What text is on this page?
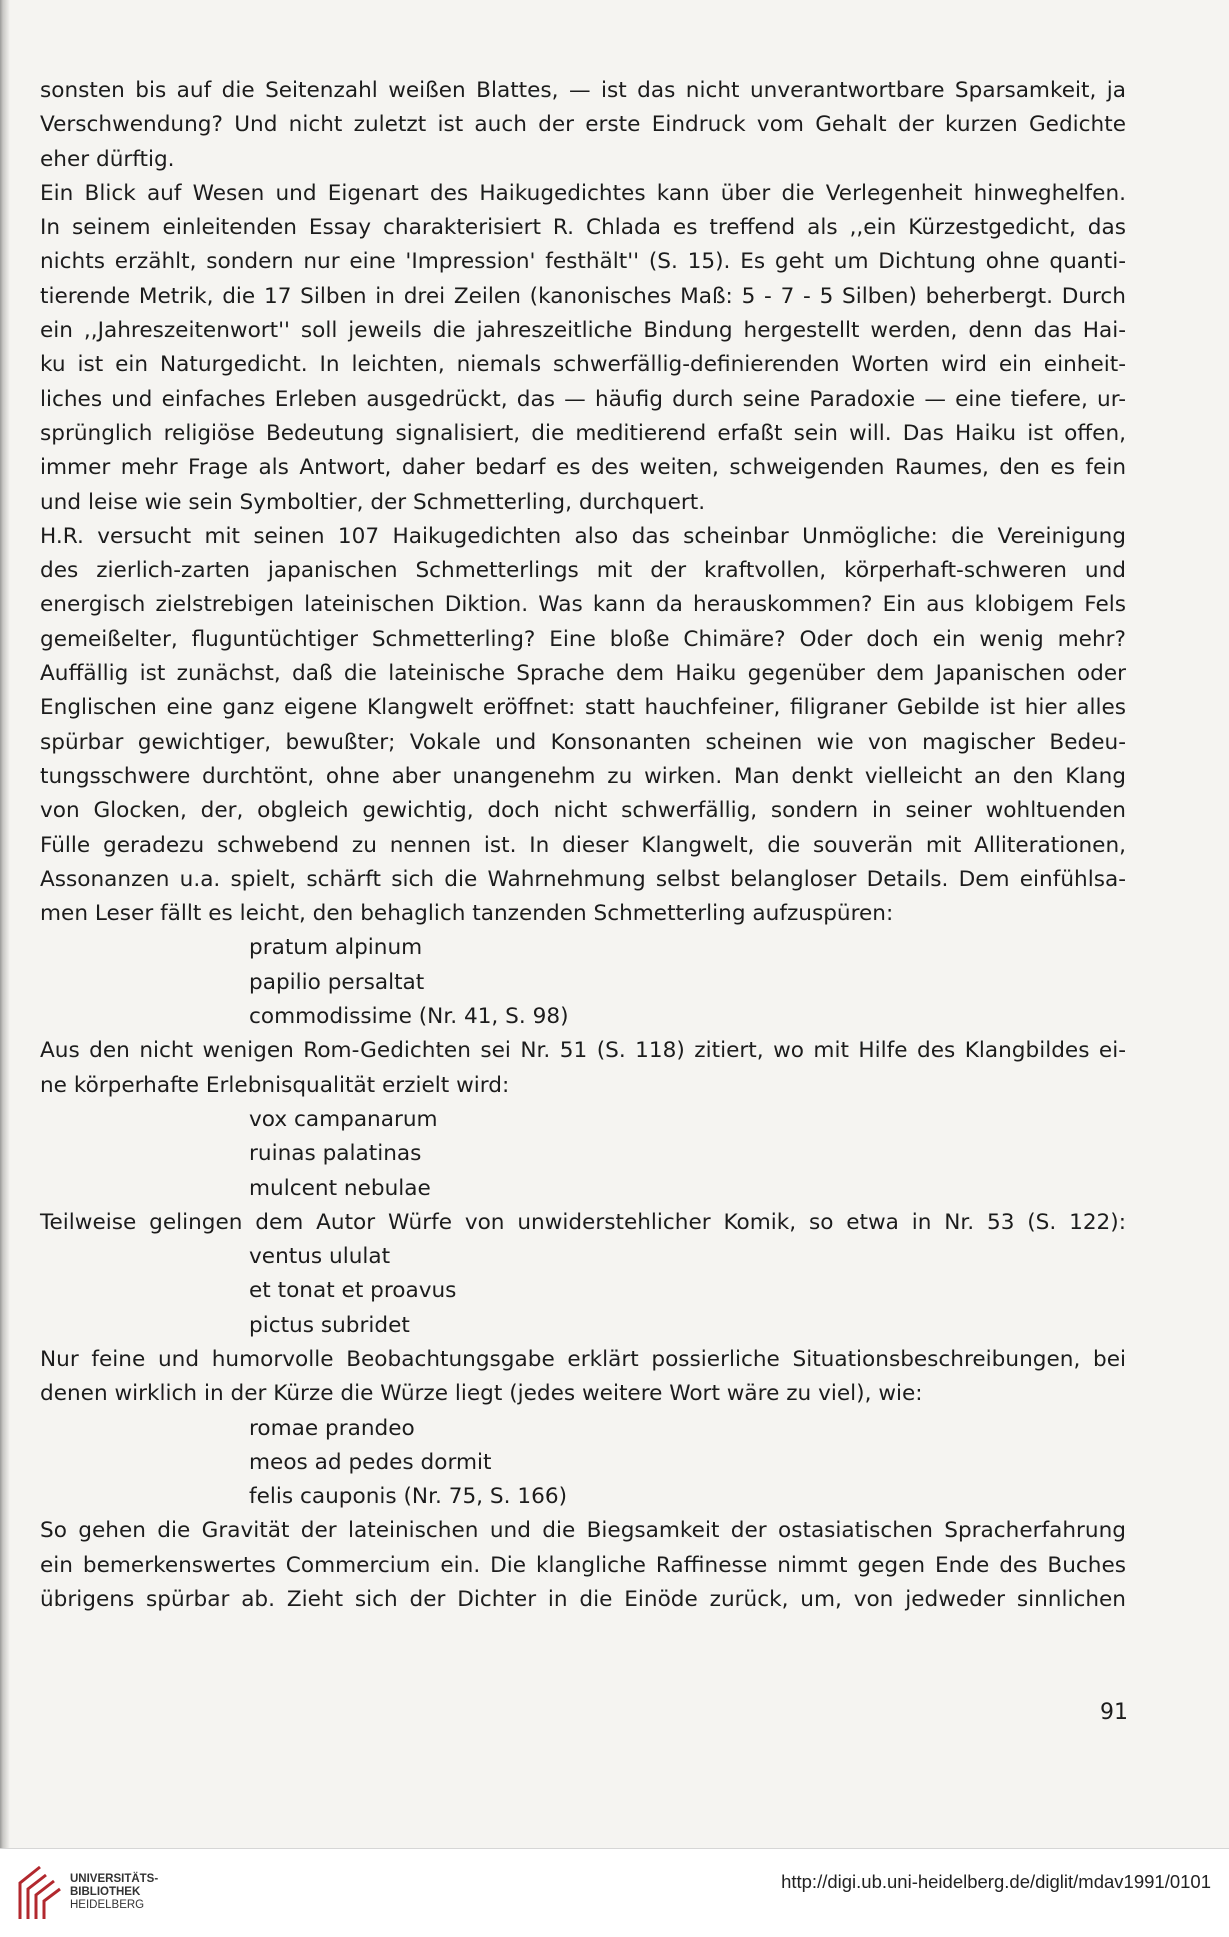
sonsten bis auf die Seitenzahl weißen Blattes, — ist das nicht unverantwortbare Sparsamkeit, ja
Verschwendung? Und nicht zuletzt ist auch der erste Eindruck vom Gehalt der kurzen Gedichte
eher dürftig.
Ein Blick auf Wesen und Eigenart des Haikugedichtes kann über die Verlegenheit hinweghelfen.
In seinem einleitenden Essay charakterisiert R. Chlada es treffend als ,,ein Kürzestgedicht, das
nichts erzählt, sondern nur eine 'Impression' festhält'' (S. 15). Es geht um Dichtung ohne quanti-
tierende Metrik, die 17 Silben in drei Zeilen (kanonisches Maß: 5 - 7 - 5 Silben) beherbergt. Durch
ein ,,Jahreszeitenwort'' soll jeweils die jahreszeitliche Bindung hergestellt werden, denn das Hai-
ku ist ein Naturgedicht. In leichten, niemals schwerfällig-definierenden Worten wird ein einheit-
liches und einfaches Erleben ausgedrückt, das — häufig durch seine Paradoxie — eine tiefere, ur-
sprünglich religiöse Bedeutung signalisiert, die meditierend erfaßt sein will. Das Haiku ist offen,
immer mehr Frage als Antwort, daher bedarf es des weiten, schweigenden Raumes, den es fein
und leise wie sein Symboltier, der Schmetterling, durchquert.
H.R. versucht mit seinen 107 Haikugedichten also das scheinbar Unmögliche: die Vereinigung
des zierlich-zarten japanischen Schmetterlings mit der kraftvollen, körperhaft-schweren und
energisch zielstrebigen lateinischen Diktion. Was kann da herauskommen? Ein aus klobigem Fels
gemeißelter, fluguntüchtiger Schmetterling? Eine bloße Chimäre? Oder doch ein wenig mehr?
Auffällig ist zunächst, daß die lateinische Sprache dem Haiku gegenüber dem Japanischen oder
Englischen eine ganz eigene Klangwelt eröffnet: statt hauchfeiner, filigraner Gebilde ist hier alles
spürbar gewichtiger, bewußter; Vokale und Konsonanten scheinen wie von magischer Bedeu-
tungsschwere durchtönt, ohne aber unangenehm zu wirken. Man denkt vielleicht an den Klang
von Glocken, der, obgleich gewichtig, doch nicht schwerfällig, sondern in seiner wohltuenden
Fülle geradezu schwebend zu nennen ist. In dieser Klangwelt, die souverän mit Alliterationen,
Assonanzen u.a. spielt, schärft sich die Wahrnehmung selbst belangloser Details. Dem einfühlsa-
men Leser fällt es leicht, den behaglich tanzenden Schmetterling aufzuspüren:
pratum alpinum
papilio persaltat
commodissime (Nr. 41, S. 98)
Aus den nicht wenigen Rom-Gedichten sei Nr. 51 (S. 118) zitiert, wo mit Hilfe des Klangbildes ei-
ne körperhafte Erlebnisqualität erzielt wird:
vox campanarum
ruinas palatinas
mulcent nebulae
Teilweise gelingen dem Autor Würfe von unwiderstehlicher Komik, so etwa in Nr. 53 (S. 122):
ventus ululat
et tonat et proavus
pictus subridet
Nur feine und humorvolle Beobachtungsgabe erklärt possierliche Situationsbeschreibungen, bei
denen wirklich in der Kürze die Würze liegt (jedes weitere Wort wäre zu viel), wie:
romae prandeo
meos ad pedes dormit
felis cauponis (Nr. 75, S. 166)
So gehen die Gravität der lateinischen und die Biegsamkeit der ostasiatischen Spracherfahrung
ein bemerkenswertes Commercium ein. Die klangliche Raffinesse nimmt gegen Ende des Buches
übrigens spürbar ab. Zieht sich der Dichter in die Einöde zurück, um, von jedweder sinnlichen
91
UNIVERSITÄTS-
BIBLIOTHEK
HEIDELBERG
http://digi.ub.uni-heidelberg.de/diglit/mdav1991/0101
